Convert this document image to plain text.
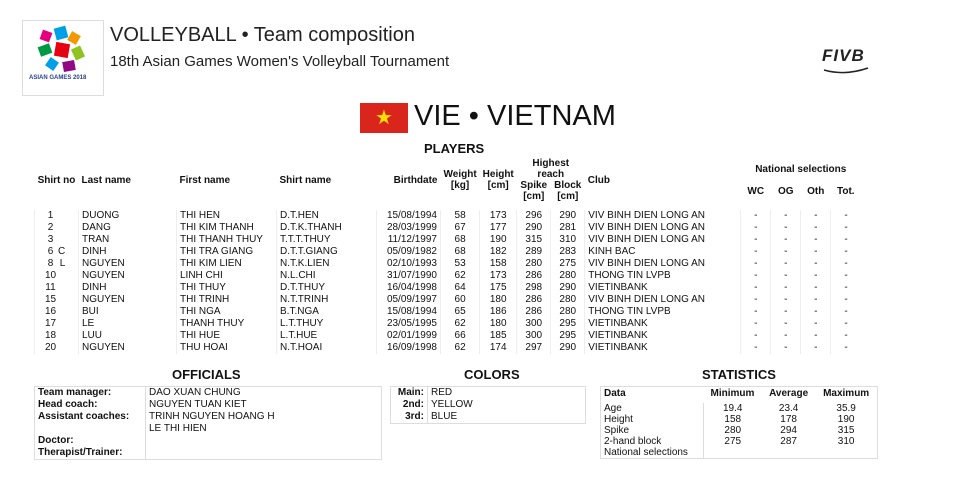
ASIAN GAMES 2018
VOLLEYBALL • Team composition
18th Asian Games Women's Volleyball Tournament	FIVB
★ VIE • VIETNAM
PLAYERS
Shirt no	Last name	First name	Shirt name	Birthdate	Weight [kg]	Height [cm]	Highest reach		Club	National selections			
							Spike [cm]	Block [cm]		WC	OG	Oth	Tot.

1	DUONG	THI HEN	D.T.HEN	15/08/1994	58	173	296	290	VIV BINH DIEN LONG AN	-	-	-	-
2	DANG	THI KIM THANH	D.T.K.THANH	28/03/1999	67	177	290	281	VIV BINH DIEN LONG AN	-	-	-	-
3	TRAN	THI THANH THUY	T.T.T.THUY	11/12/1997	68	190	315	310	VIV BINH DIEN LONG AN	-	-	-	-
6 C	DINH	THI TRA GIANG	D.T.T.GIANG	05/09/1982	68	182	289	283	KINH BAC	-	-	-	-
8 L	NGUYEN	THI KIM LIEN	N.T.K.LIEN	02/10/1993	53	158	280	275	VIV BINH DIEN LONG AN	-	-	-	-
10	NGUYEN	LINH CHI	N.L.CHI	31/07/1990	62	173	286	280	THONG TIN LVPB	-	-	-	-
11	DINH	THI THUY	D.T.THUY	16/04/1998	64	175	298	290	VIETINBANK	-	-	-	-
15	NGUYEN	THI TRINH	N.T.TRINH	05/09/1997	60	180	286	280	VIV BINH DIEN LONG AN	-	-	-	-
16	BUI	THI NGA	B.T.NGA	15/08/1994	65	186	286	280	THONG TIN LVPB	-	-	-	-
17	LE	THANH THUY	L.T.THUY	23/05/1995	62	180	300	295	VIETINBANK	-	-	-	-
18	LUU	THI HUE	L.T.HUE	02/01/1999	66	185	300	295	VIETINBANK	-	-	-	-
20	NGUYEN	THU HOAI	N.T.HOAI	16/09/1998	62	174	297	290	VIETINBANK	-	-	-	-
OFFICIALS
Team manager:	DAO XUAN CHUNG
Head coach:	NGUYEN TUAN KIET
Assistant coaches:	TRINH NGUYEN HOANG H
	LE THI HIEN
Doctor:	
Therapist/Trainer:	
COLORS
Main:	RED
2nd:	YELLOW
3rd:	BLUE
STATISTICS
Data	Minimum	Average	Maximum
Age	19.4	23.4	35.9
Height	158	178	190
Spike	280	294	315
2-hand block	275	287	310
National selections			
